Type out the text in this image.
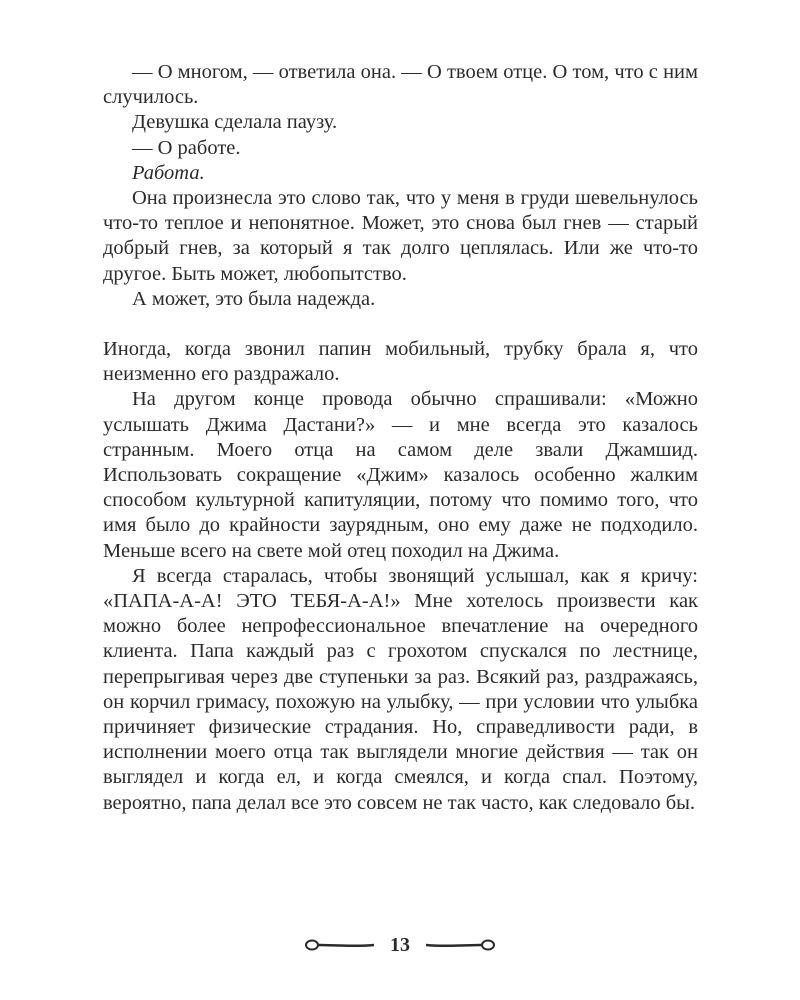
— О многом, — ответила она. — О твоем отце. О том, что с ним случилось.

Девушка сделала паузу.

— О работе.

Работа.

Она произнесла это слово так, что у меня в груди шевельнулось что-то теплое и непонятное. Может, это снова был гнев — старый добрый гнев, за который я так долго цеплялась. Или же что-то другое. Быть может, любопытство.

А может, это была надежда.

Иногда, когда звонил папин мобильный, трубку брала я, что неизменно его раздражало.

На другом конце провода обычно спрашивали: «Можно услышать Джима Дастани?» — и мне всегда это казалось странным. Моего отца на самом деле звали Джамшид. Использовать сокращение «Джим» казалось особенно жалким способом культурной капитуляции, потому что помимо того, что имя было до крайности заурядным, оно ему даже не подходило. Меньше всего на свете мой отец походил на Джима.

Я всегда старалась, чтобы звонящий услышал, как я кричу: «ПАПА-А-А! ЭТО ТЕБЯ-А-А!» Мне хотелось произвести как можно более непрофессиональное впечатление на очередного клиента. Папа каждый раз с грохотом спускался по лестнице, перепрыгивая через две ступеньки за раз. Всякий раз, раздражаясь, он корчил гримасу, похожую на улыбку, — при условии что улыбка причиняет физические страдания. Но, справедливости ради, в исполнении моего отца так выглядели многие действия — так он выглядел и когда ел, и когда смеялся, и когда спал. Поэтому, вероятно, папа делал все это совсем не так часто, как следовало бы.

13
